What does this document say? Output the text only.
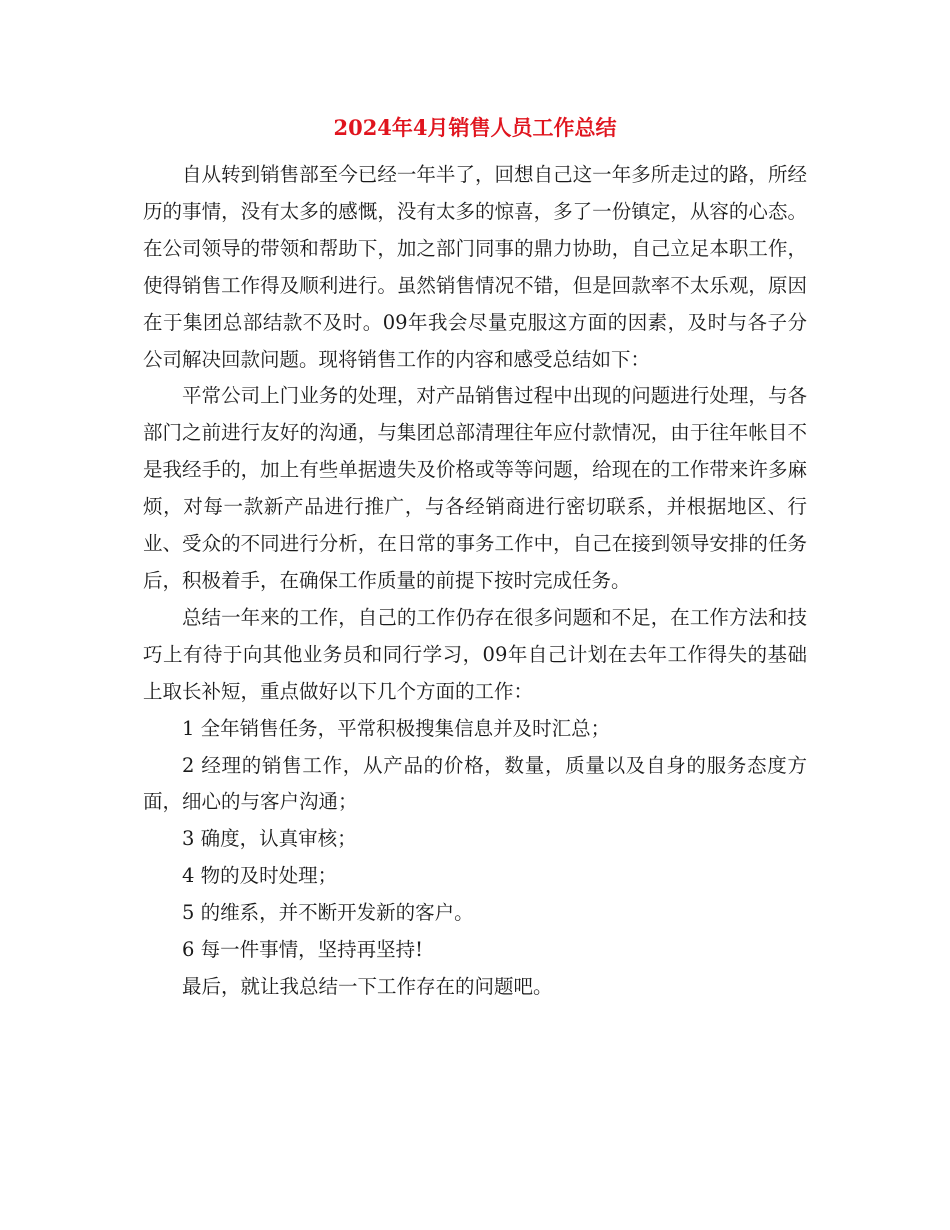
2024年4月销售人员工作总结

自从转到销售部至今已经一年半了，回想自己这一年多所走过的路，所经历的事情，没有太多的感慨，没有太多的惊喜，多了一份镇定，从容的心态。在公司领导的带领和帮助下，加之部门同事的鼎力协助，自己立足本职工作，使得销售工作得及顺利进行。虽然销售情况不错，但是回款率不太乐观，原因在于集团总部结款不及时。09年我会尽量克服这方面的因素，及时与各子分公司解决回款问题。现将销售工作的内容和感受总结如下：

平常公司上门业务的处理，对产品销售过程中出现的问题进行处理，与各部门之前进行友好的沟通，与集团总部清理往年应付款情况，由于往年帐目不是我经手的，加上有些单据遗失及价格或等等问题，给现在的工作带来许多麻烦，对每一款新产品进行推广，与各经销商进行密切联系，并根据地区、行业、受众的不同进行分析，在日常的事务工作中，自己在接到领导安排的任务后，积极着手，在确保工作质量的前提下按时完成任务。

总结一年来的工作，自己的工作仍存在很多问题和不足，在工作方法和技巧上有待于向其他业务员和同行学习，09年自己计划在去年工作得失的基础上取长补短，重点做好以下几个方面的工作：

1 全年销售任务，平常积极搜集信息并及时汇总；

2 经理的销售工作，从产品的价格，数量，质量以及自身的服务态度方面，细心的与客户沟通；

3 确度，认真审核；

4 物的及时处理；

5 的维系，并不断开发新的客户。

6 每一件事情，坚持再坚持!

最后，就让我总结一下工作存在的问题吧。
